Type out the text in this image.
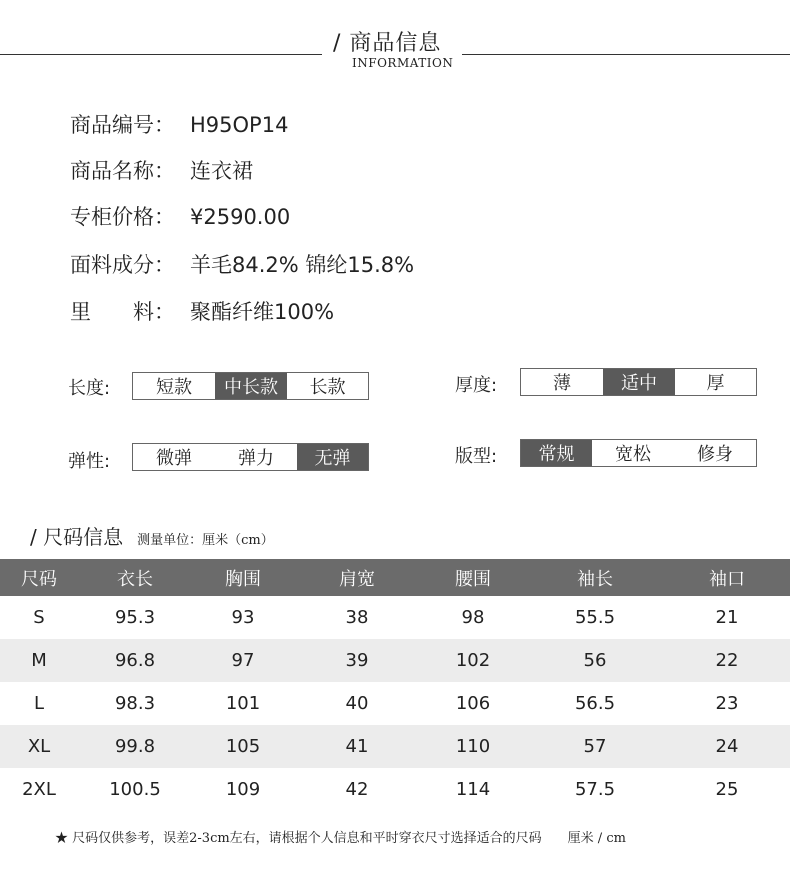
/ 商品信息
INFORMATION
商品编号： H95OP14
商品名称： 连衣裙
专柜价格： ¥2590.00
面料成分： 羊毛84.2% 锦纶15.8%
里　　料： 聚酯纤维100%
长度:	短款	中长款	长款	厚度:	薄	适中	厚
弹性:	微弹	弹力	无弹	版型:	常规	宽松	修身
/ 尺码信息 测量单位：厘米（cm）
尺码	衣长	胸围	肩宽	腰围	袖长	袖口
S	95.3	93	38	98	55.5	21
M	96.8	97	39	102	56	22
L	98.3	101	40	106	56.5	23
XL	99.8	105	41	110	57	24
2XL	100.5	109	42	114	57.5	25
★ 尺码仅供参考，误差2-3cm左右，请根据个人信息和平时穿衣尺寸选择适合的尺码　　厘米 / cm
